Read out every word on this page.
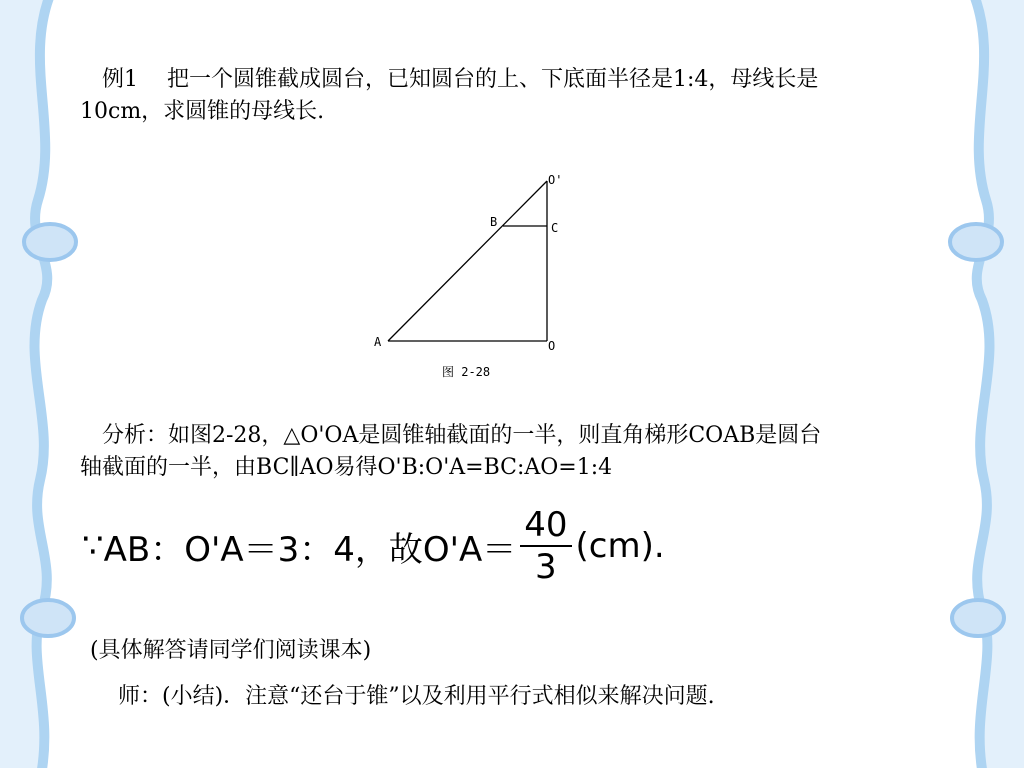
　例1　 把一个圆锥截成圆台，已知圆台的上、下底面半径是1:4，母线长是
10cm，求圆锥的母线长.

O'
B	C
A	O
图 2-28

　分析：如图2-28，△O'OA是圆锥轴截面的一半，则直角梯形COAB是圆台
轴截面的一半，由BC∥AO易得O'B:O'A=BC:AO=1:4

∵ AB：O'A＝3：4， 故 $O'A= \frac{40}{3} (cm)$.

(具体解答请同学们阅读课本)

师：(小结)．注意“还台于锥”以及利用平行式相似来解决问题.
